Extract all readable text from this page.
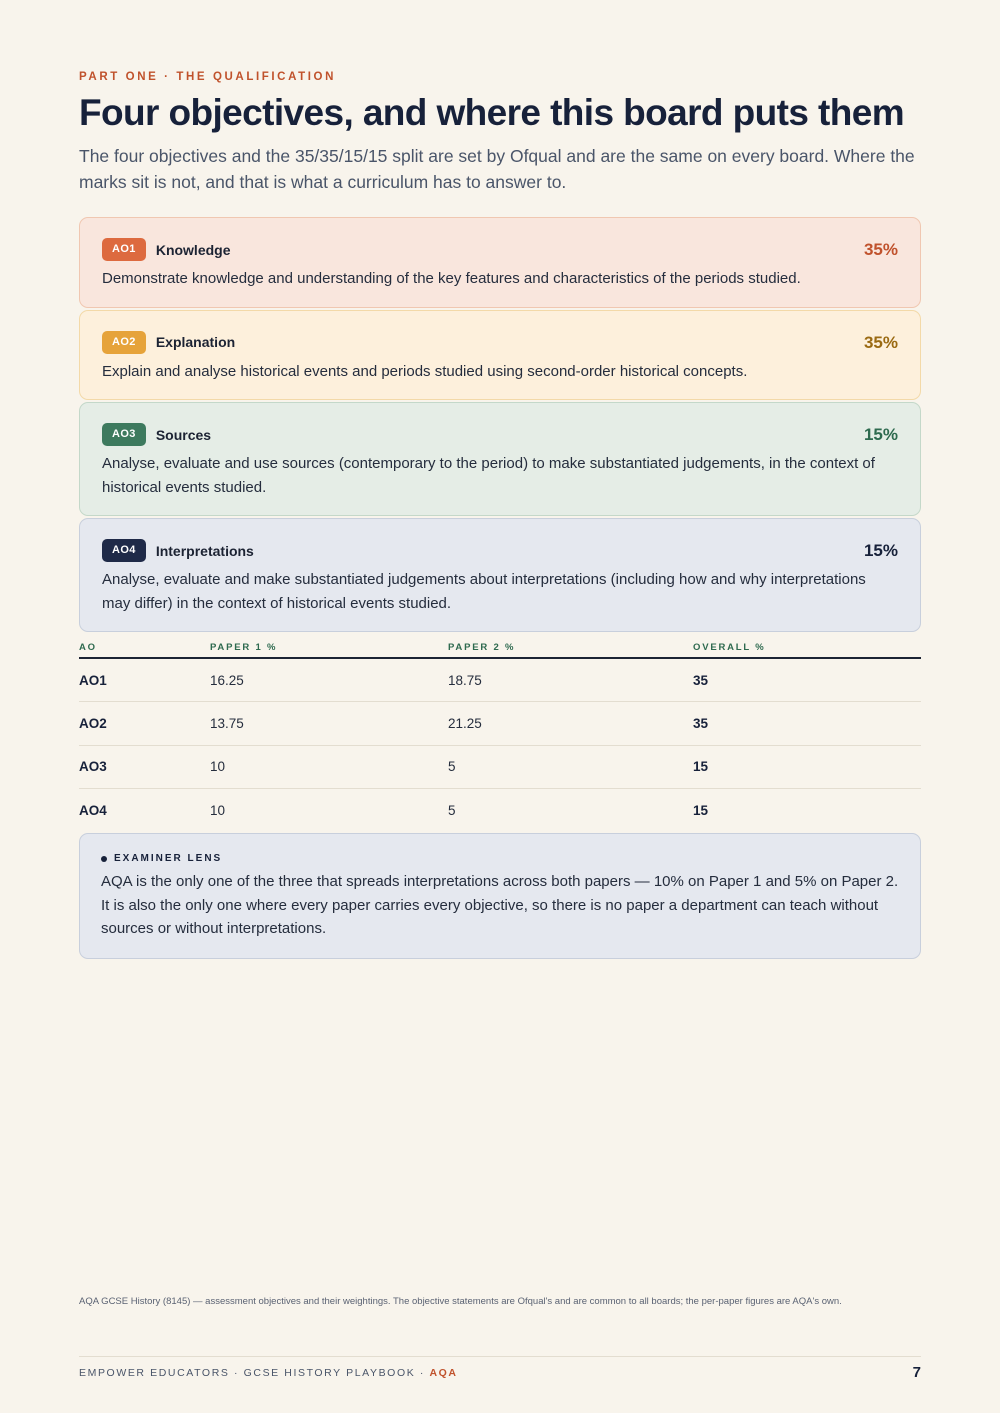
PART ONE · THE QUALIFICATION
Four objectives, and where this board puts them

The four objectives and the 35/35/15/15 split are set by Ofqual and are the same on every board. Where the marks sit is not, and that is what a curriculum has to answer to.

AO1	Knowledge	35%

Demonstrate knowledge and understanding of the key features and characteristics of the periods studied.

AO2	Explanation	35%

Explain and analyse historical events and periods studied using second-order historical concepts.

AO3	Sources	15%

Analyse, evaluate and use sources (contemporary to the period) to make substantiated judgements, in the context of historical events studied.

AO4	Interpretations	15%

Analyse, evaluate and make substantiated judgements about interpretations (including how and why interpretations may differ) in the context of historical events studied.

AO	PAPER 1 %	PAPER 2 %	OVERALL %
AO1	16.25	18.75	35
AO2	13.75	21.25	35
AO3	10	5	15
AO4	10	5	15
EXAMINER LENS

AQA is the only one of the three that spreads interpretations across both papers — 10% on Paper 1 and 5% on Paper 2. It is also the only one where every paper carries every objective, so there is no paper a department can teach without sources or without interpretations.

AQA GCSE History (8145) — assessment objectives and their weightings. The objective statements are Ofqual's and are common to all boards; the per-paper figures are AQA's own.

EMPOWER EDUCATORS · GCSE HISTORY PLAYBOOK · AQA	7
